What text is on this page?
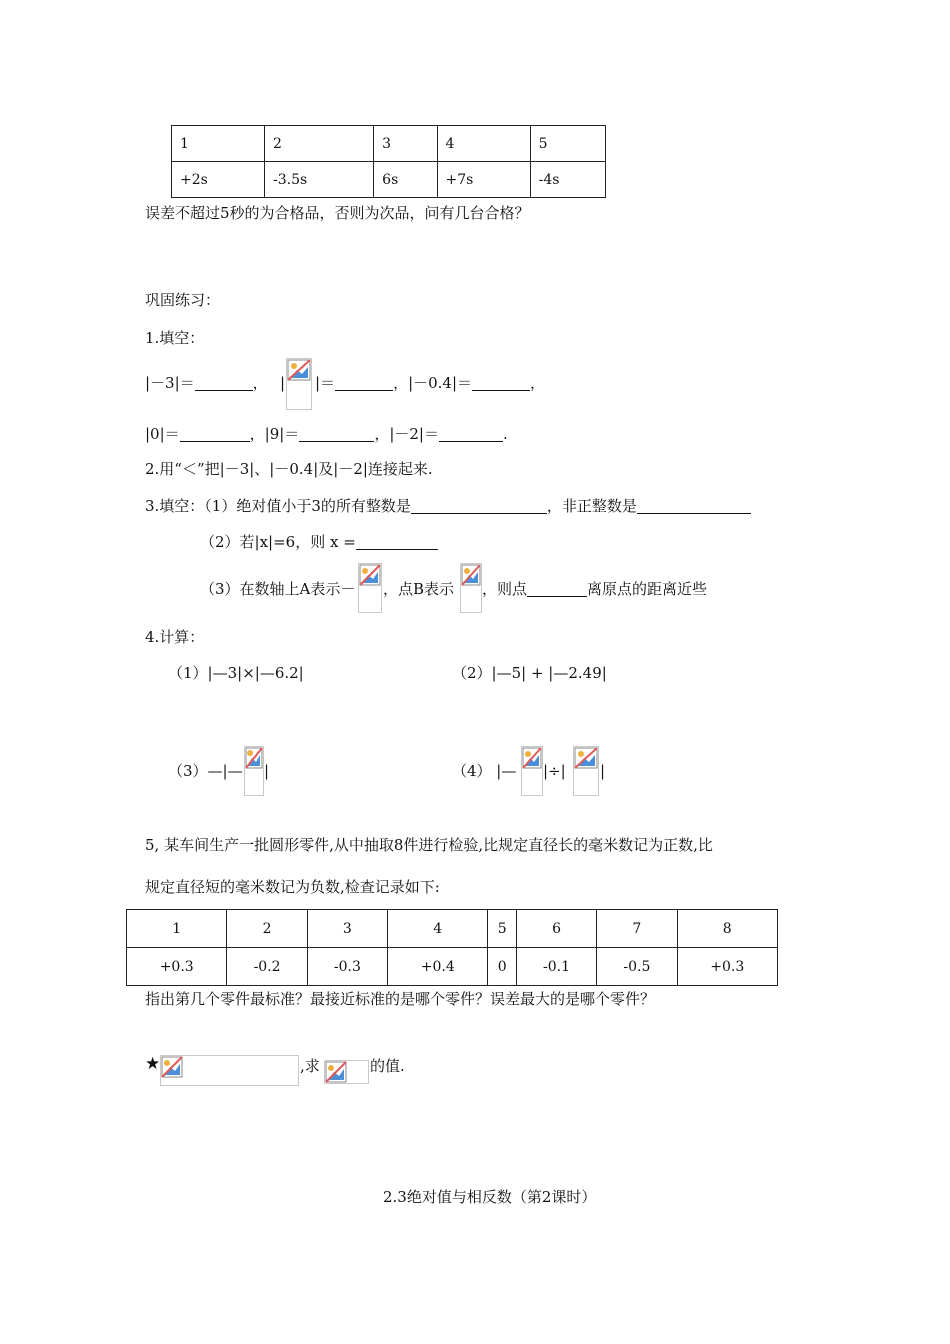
1	2	3	4	5
+2s	-3.5s	6s	+7s	-4s
误差不超过5秒的为合格品，否则为次品，问有几台合格？
巩固练习：
1.填空：
|－3|＝	， | |＝	，|－0.4|＝	，
|0|＝	，|9|＝	，|－2|＝	.
2.用“＜”把|－3|、|－0.4|及|－2|连接起来.
3.填空：（1）绝对值小于3的所有整数是	，非正整数是
（2）若|x|=6，则 x =
（3）在数轴上A表示－ ，点B表示 ，则点	离原点的距离近些
4.计算：
（1）|—3|×|—6.2|	（2）|—5| + |—2.49|
（3）—|— |	（4） |— |÷| |
5, 某车间生产一批圆形零件,从中抽取8件进行检验,比规定直径长的毫米数记为正数,比
规定直径短的毫米数记为负数,检查记录如下:
1	2	3	4	5	6	7	8
+0.3	-0.2	-0.3	+0.4	0	-0.1	-0.5	+0.3
指出第几个零件最标准？最接近标准的是哪个零件？误差最大的是哪个零件？
★	,求	的值.
2.3绝对值与相反数（第2课时）
